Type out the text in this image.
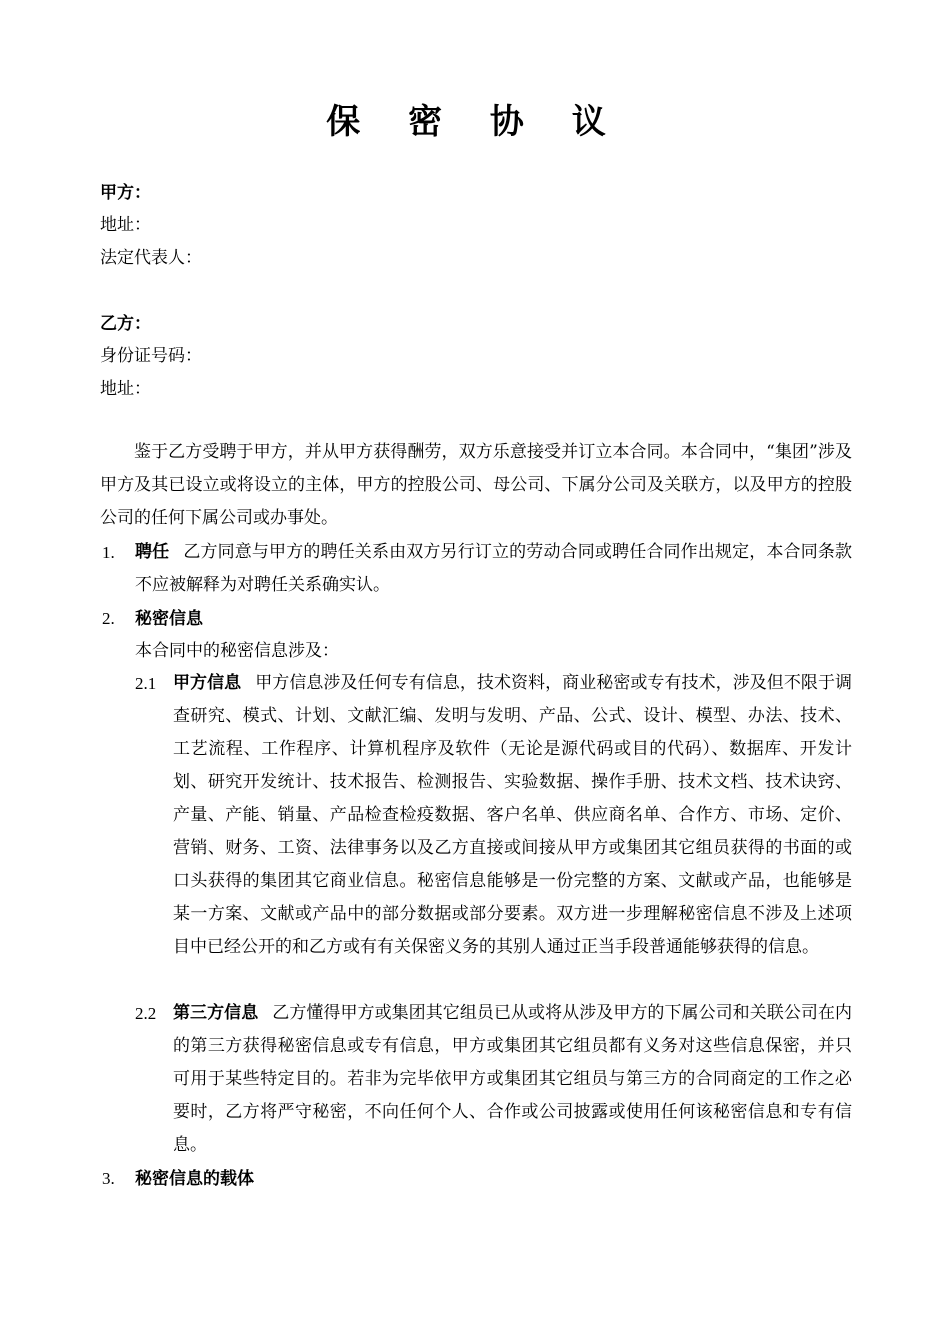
保 密 协 议
甲方：
地址：
法定代表人：
乙方：
身份证号码：
地址：
鉴于乙方受聘于甲方，并从甲方获得酬劳，双方乐意接受并订立本合同。本合同中，“集团”涉及甲方及其已设立或将设立的主体，甲方的控股公司、母公司、下属分公司及关联方，以及甲方的控股公司的任何下属公司或办事处。
1. 聘任 乙方同意与甲方的聘任关系由双方另行订立的劳动合同或聘任合同作出规定，本合同条款不应被解释为对聘任关系确实认。
2. 秘密信息
本合同中的秘密信息涉及：
2.1 甲方信息 甲方信息涉及任何专有信息，技术资料，商业秘密或专有技术，涉及但不限于调查研究、模式、计划、文献汇编、发明与发明、产品、公式、设计、模型、办法、技术、工艺流程、工作程序、计算机程序及软件（无论是源代码或目的代码）、数据库、开发计划、研究开发统计、技术报告、检测报告、实验数据、操作手册、技术文档、技术诀窍、产量、产能、销量、产品检查检疫数据、客户名单、供应商名单、合作方、市场、定价、营销、财务、工资、法律事务以及乙方直接或间接从甲方或集团其它组员获得的书面的或口头获得的集团其它商业信息。秘密信息能够是一份完整的方案、文献或产品，也能够是某一方案、文献或产品中的部分数据或部分要素。双方进一步理解秘密信息不涉及上述项目中已经公开的和乙方或有有关保密义务的其别人通过正当手段普通能够获得的信息。
2.2 第三方信息 乙方懂得甲方或集团其它组员已从或将从涉及甲方的下属公司和关联公司在内的第三方获得秘密信息或专有信息，甲方或集团其它组员都有义务对这些信息保密，并只可用于某些特定目的。若非为完毕依甲方或集团其它组员与第三方的合同商定的工作之必要时，乙方将严守秘密，不向任何个人、合作或公司披露或使用任何该秘密信息和专有信息。
3. 秘密信息的载体
